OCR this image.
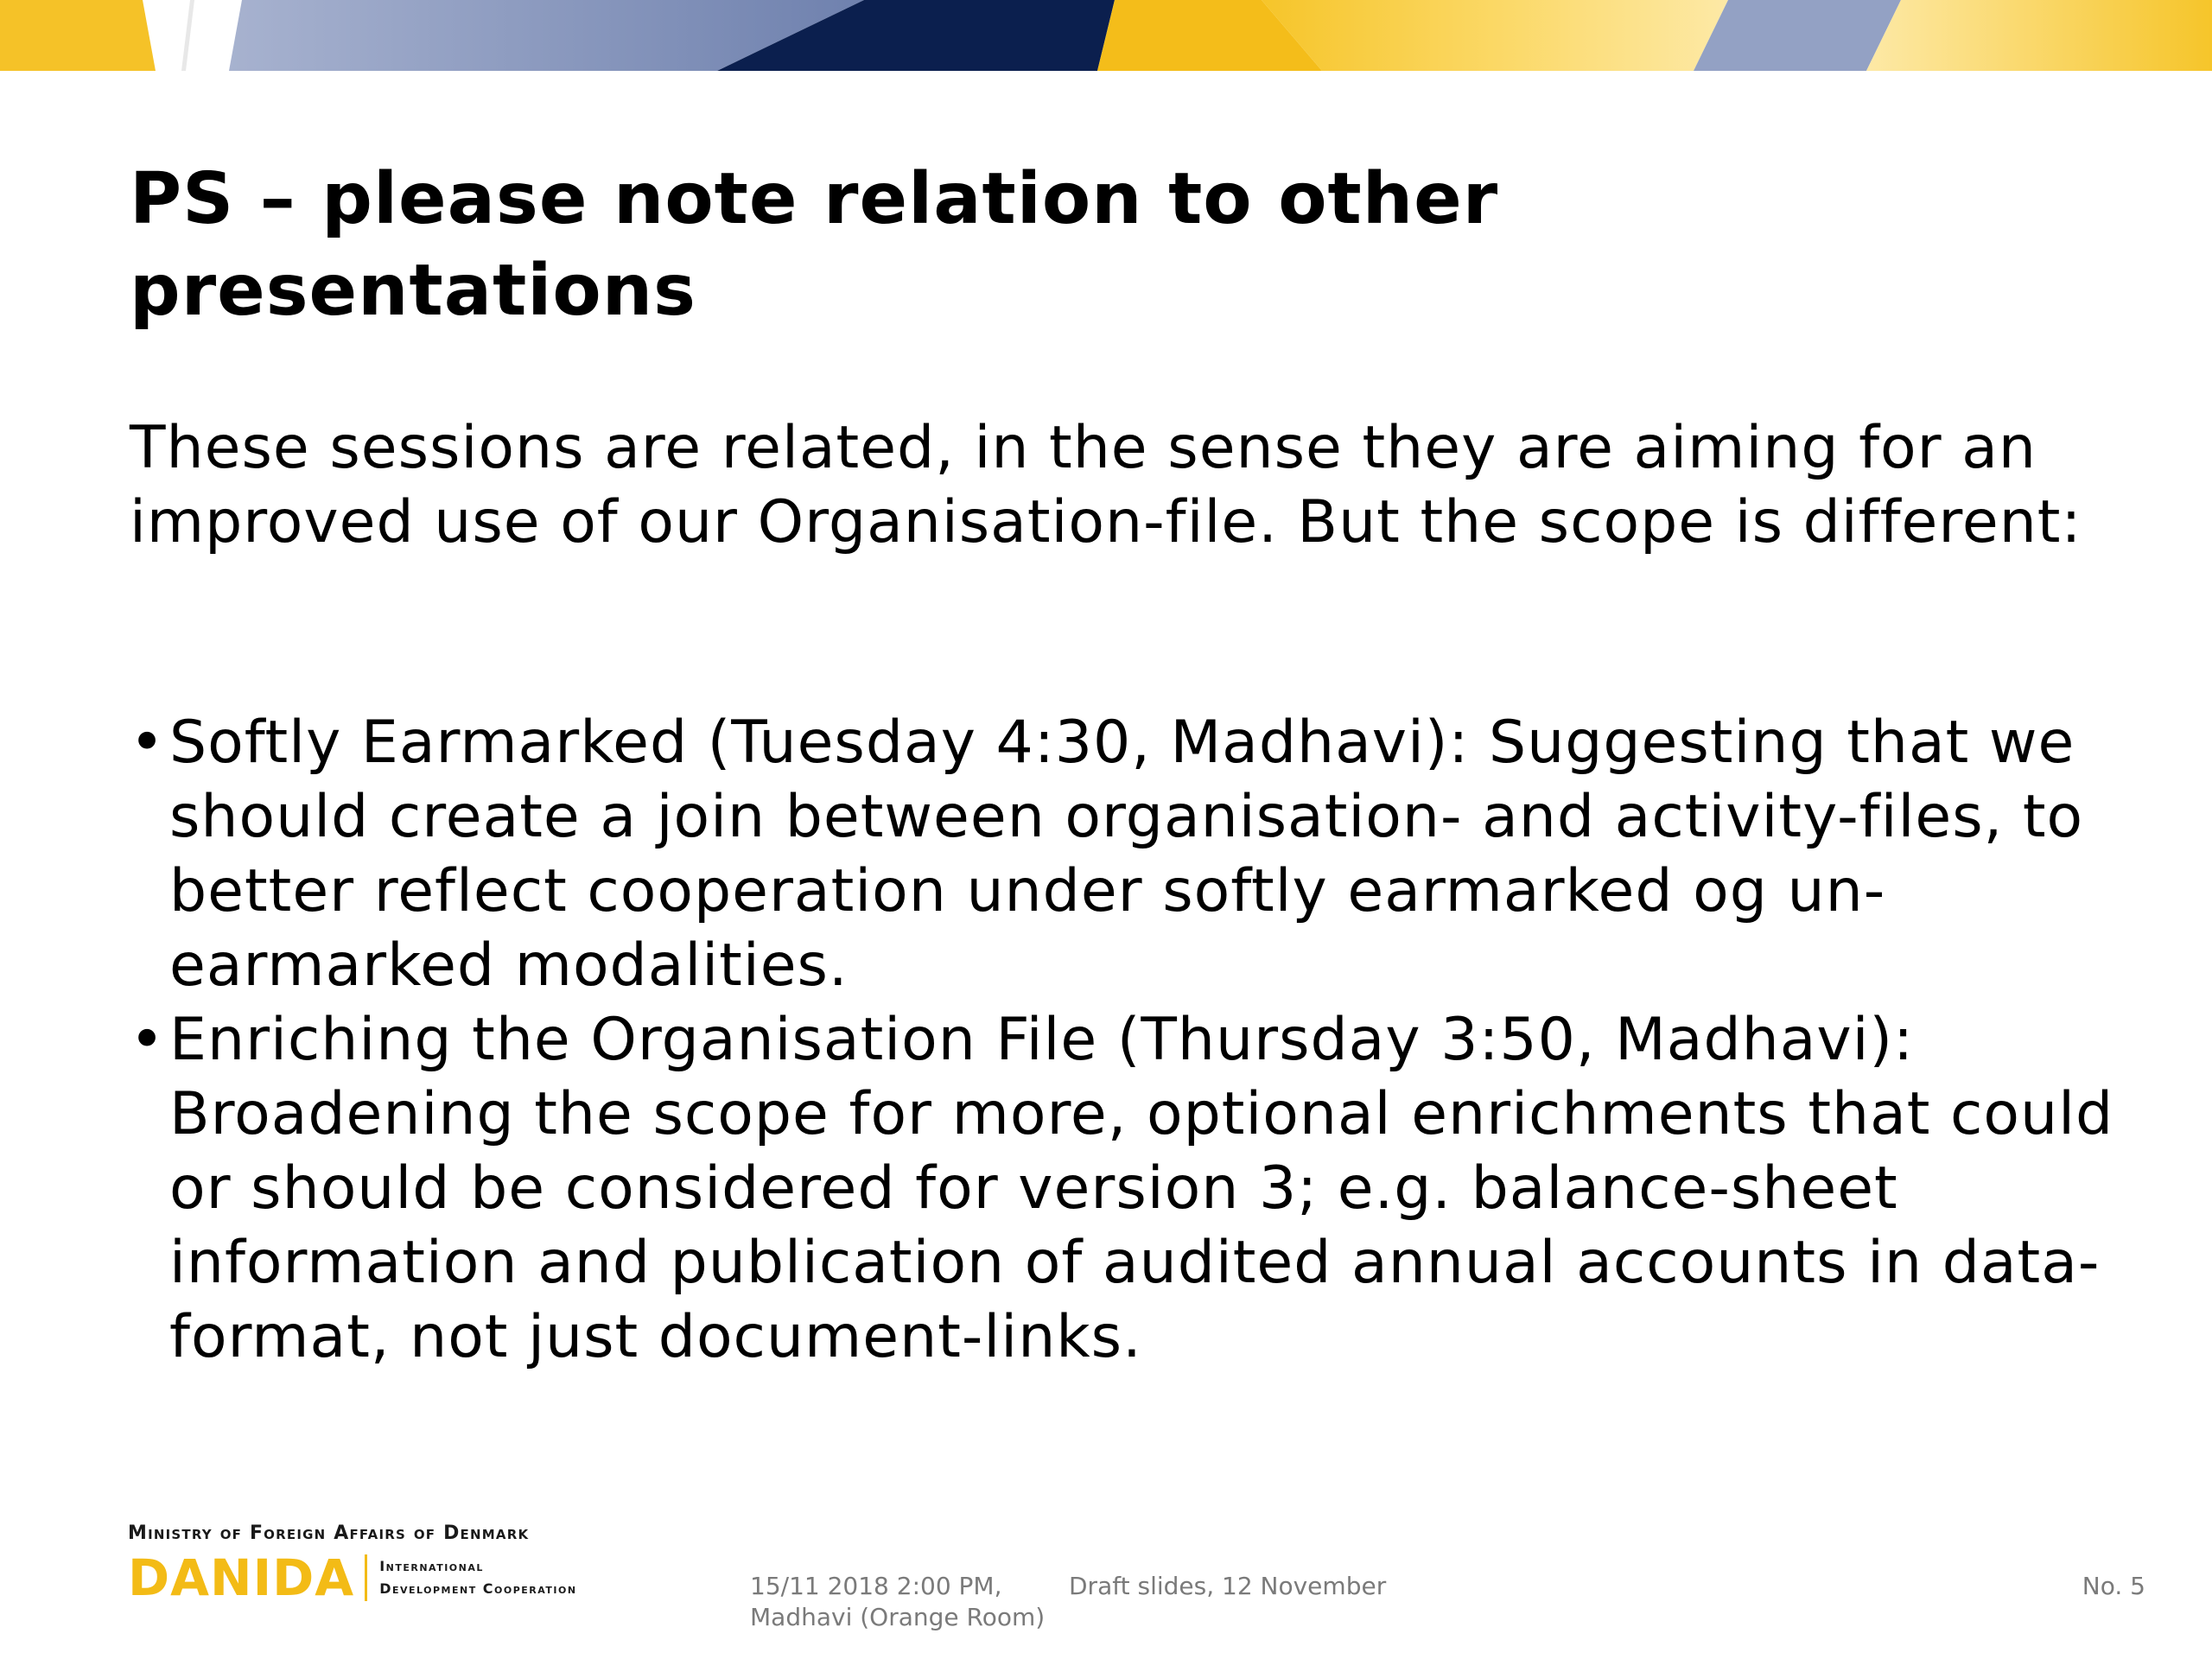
PS – please note relation to other presentations

These sessions are related, in the sense they are aiming for an improved use of our Organisation-file. But the scope is different:

• Softly Earmarked (Tuesday 4:30, Madhavi): Suggesting that we should create a join between organisation- and activity-files, to better reflect cooperation under softly earmarked og un-earmarked modalities.
• Enriching the Organisation File (Thursday 3:50, Madhavi): Broadening the scope for more, optional enrichments that could or should be considered for version 3; e.g. balance-sheet information and publication of audited annual accounts in data-format, not just document-links.
Ministry of Foreign Affairs of Denmark
DANIDA International
Development Cooperation	15/11 2018 2:00 PM,
Madhavi (Orange Room)
Draft slides, 12 November	No. 5
